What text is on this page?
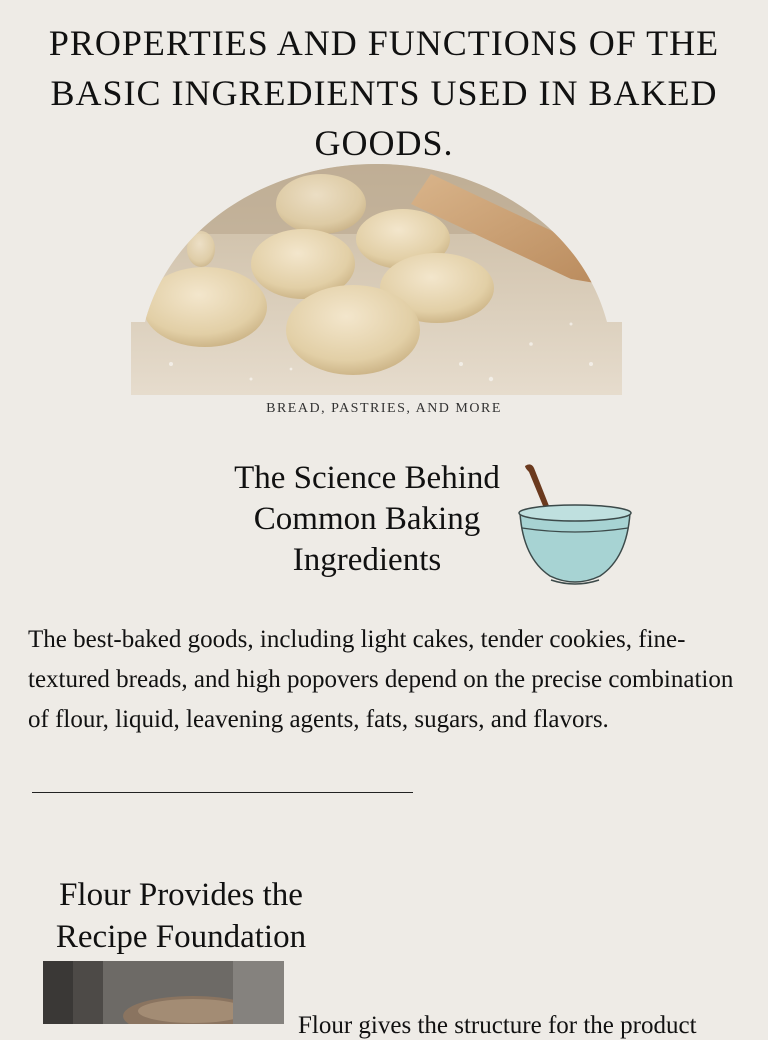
PROPERTIES AND FUNCTIONS OF THE BASIC INGREDIENTS USED IN BAKED GOODS.
BREAD, PASTRIES, AND MORE
The Science Behind Common Baking Ingredients

The best-baked goods, including light cakes, tender cookies, fine-textured breads, and high popovers depend on the precise combination of flour, liquid, leavening agents, fats, sugars, and flavors.

Flour Provides the Recipe Foundation
Flour gives the structure for the product
